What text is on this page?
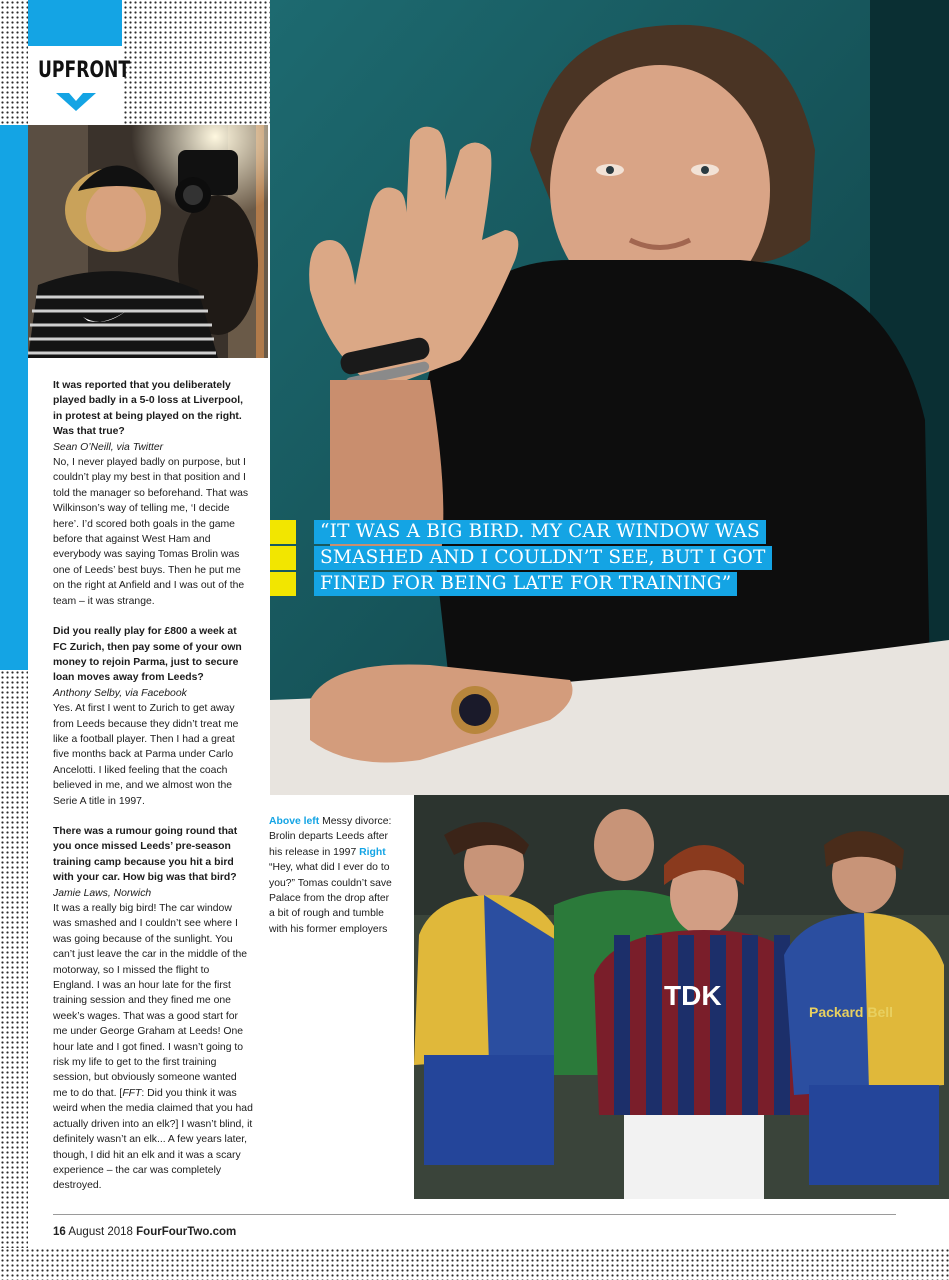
UPFRONT
TDK
Packard Bell
“IT WAS A BIG BIRD. MY CAR WINDOW WAS
SMASHED AND I COULDN’T SEE, BUT I GOT
FINED FOR BEING LATE FOR TRAINING”
It was reported that you deliberately played badly in a 5-0 loss at Liverpool, in protest at being played on the right. Was that true?
Sean O’Neill, via Twitter
No, I never played badly on purpose, but I couldn’t play my best in that position and I told the manager so beforehand. That was Wilkinson’s way of telling me, ‘I decide here’. I’d scored both goals in the game before that against West Ham and everybody was saying Tomas Brolin was one of Leeds’ best buys. Then he put me on the right at Anfield and I was out of the team – it was strange.
Did you really play for £800 a week at FC Zurich, then pay some of your own money to rejoin Parma, just to secure loan moves away from Leeds?
Anthony Selby, via Facebook
Yes. At first I went to Zurich to get away from Leeds because they didn’t treat me like a football player. Then I had a great five months back at Parma under Carlo Ancelotti. I liked feeling that the coach believed in me, and we almost won the Serie A title in 1997.
There was a rumour going round that you once missed Leeds’ pre-season training camp because you hit a bird with your car. How big was that bird?
Jamie Laws, Norwich
It was a really big bird! The car window was smashed and I couldn’t see where I was going because of the sunlight. You can’t just leave the car in the middle of the motorway, so I missed the flight to England. I was an hour late for the first training session and they fined me one week’s wages. That was a good start for me under George Graham at Leeds! One hour late and I got fined. I wasn’t going to risk my life to get to the first training session, but obviously someone wanted me to do that. [FFT: Did you think it was weird when the media claimed that you had actually driven into an elk?] I wasn’t blind, it definitely wasn’t an elk... A few years later, though, I did hit an elk and it was a scary experience – the car was completely destroyed.
Above left Messy divorce: Brolin departs Leeds after his release in 1997 Right “Hey, what did I ever do to you?” Tomas couldn’t save Palace from the drop after a bit of rough and tumble with his former employers
16 August 2018 FourFourTwo.com
